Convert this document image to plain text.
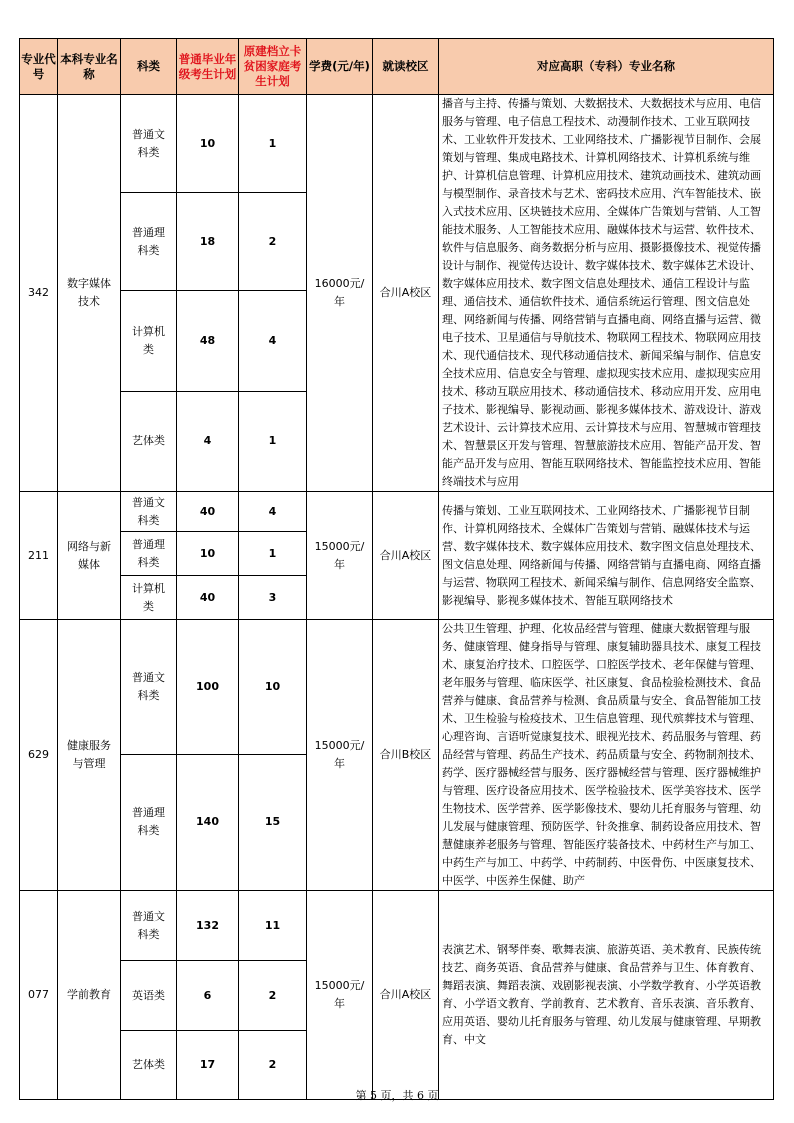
专业代号	本科专业名称	科类	普通毕业年级考生计划	原建档立卡贫困家庭考生计划	学费(元/年)	就读校区	对应高职（专科）专业名称
342	数字媒体技术	普通文科类	10	1	16000元/年	合川A校区	播音与主持、传播与策划、大数据技术、大数据技术与应用、电信服务与管理、电子信息工程技术、动漫制作技术、工业互联网技术、工业软件开发技术、工业网络技术、广播影视节目制作、会展策划与管理、集成电路技术、计算机网络技术、计算机系统与维护、计算机信息管理、计算机应用技术、建筑动画技术、建筑动画与模型制作、录音技术与艺术、密码技术应用、汽车智能技术、嵌入式技术应用、区块链技术应用、全媒体广告策划与营销、人工智能技术服务、人工智能技术应用、融媒体技术与运营、软件技术、软件与信息服务、商务数据分析与应用、摄影摄像技术、视觉传播设计与制作、视觉传达设计、数字媒体技术、数字媒体艺术设计、数字媒体应用技术、数字图文信息处理技术、通信工程设计与监理、通信技术、通信软件技术、通信系统运行管理、图文信息处理、网络新闻与传播、网络营销与直播电商、网络直播与运营、微电子技术、卫星通信与导航技术、物联网工程技术、物联网应用技术、现代通信技术、现代移动通信技术、新闻采编与制作、信息安全技术应用、信息安全与管理、虚拟现实技术应用、虚拟现实应用技术、移动互联应用技术、移动通信技术、移动应用开发、应用电子技术、影视编导、影视动画、影视多媒体技术、游戏设计、游戏艺术设计、云计算技术应用、云计算技术与应用、智慧城市管理技术、智慧景区开发与管理、智慧旅游技术应用、智能产品开发、智能产品开发与应用、智能互联网络技术、智能监控技术应用、智能终端技术与应用
		普通理科类	18	2			
		计算机类	48	4			
		艺体类	4	1			
211	网络与新媒体	普通文科类	40	4	15000元/年	合川A校区	传播与策划、工业互联网技术、工业网络技术、广播影视节目制作、计算机网络技术、全媒体广告策划与营销、融媒体技术与运营、数字媒体技术、数字媒体应用技术、数字图文信息处理技术、图文信息处理、网络新闻与传播、网络营销与直播电商、网络直播与运营、物联网工程技术、新闻采编与制作、信息网络安全监察、影视编导、影视多媒体技术、智能互联网络技术
		普通理科类	10	1			
		计算机类	40	3			
629	健康服务与管理	普通文科类	100	10	15000元/年	合川B校区	公共卫生管理、护理、化妆品经营与管理、健康大数据管理与服务、健康管理、健身指导与管理、康复辅助器具技术、康复工程技术、康复治疗技术、口腔医学、口腔医学技术、老年保健与管理、老年服务与管理、临床医学、社区康复、食品检验检测技术、食品营养与健康、食品营养与检测、食品质量与安全、食品智能加工技术、卫生检验与检疫技术、卫生信息管理、现代殡葬技术与管理、心理咨询、言语听觉康复技术、眼视光技术、药品服务与管理、药品经营与管理、药品生产技术、药品质量与安全、药物制剂技术、药学、医疗器械经营与服务、医疗器械经营与管理、医疗器械维护与管理、医疗设备应用技术、医学检验技术、医学美容技术、医学生物技术、医学营养、医学影像技术、婴幼儿托育服务与管理、幼儿发展与健康管理、预防医学、针灸推拿、制药设备应用技术、智慧健康养老服务与管理、智能医疗装备技术、中药材生产与加工、中药生产与加工、中药学、中药制药、中医骨伤、中医康复技术、中医学、中医养生保健、助产
		普通理科类	140	15			
077	学前教育	普通文科类	132	11	15000元/年	合川A校区	表演艺术、钢琴伴奏、歌舞表演、旅游英语、美术教育、民族传统技艺、商务英语、食品营养与健康、食品营养与卫生、体育教育、舞蹈表演、舞蹈表演、戏剧影视表演、小学数学教育、小学英语教育、小学语文教育、学前教育、艺术教育、音乐表演、音乐教育、应用英语、婴幼儿托育服务与管理、幼儿发展与健康管理、早期教育、中文
		英语类	6	2			
		艺体类	17	2			
第 5 页，共 6 页
